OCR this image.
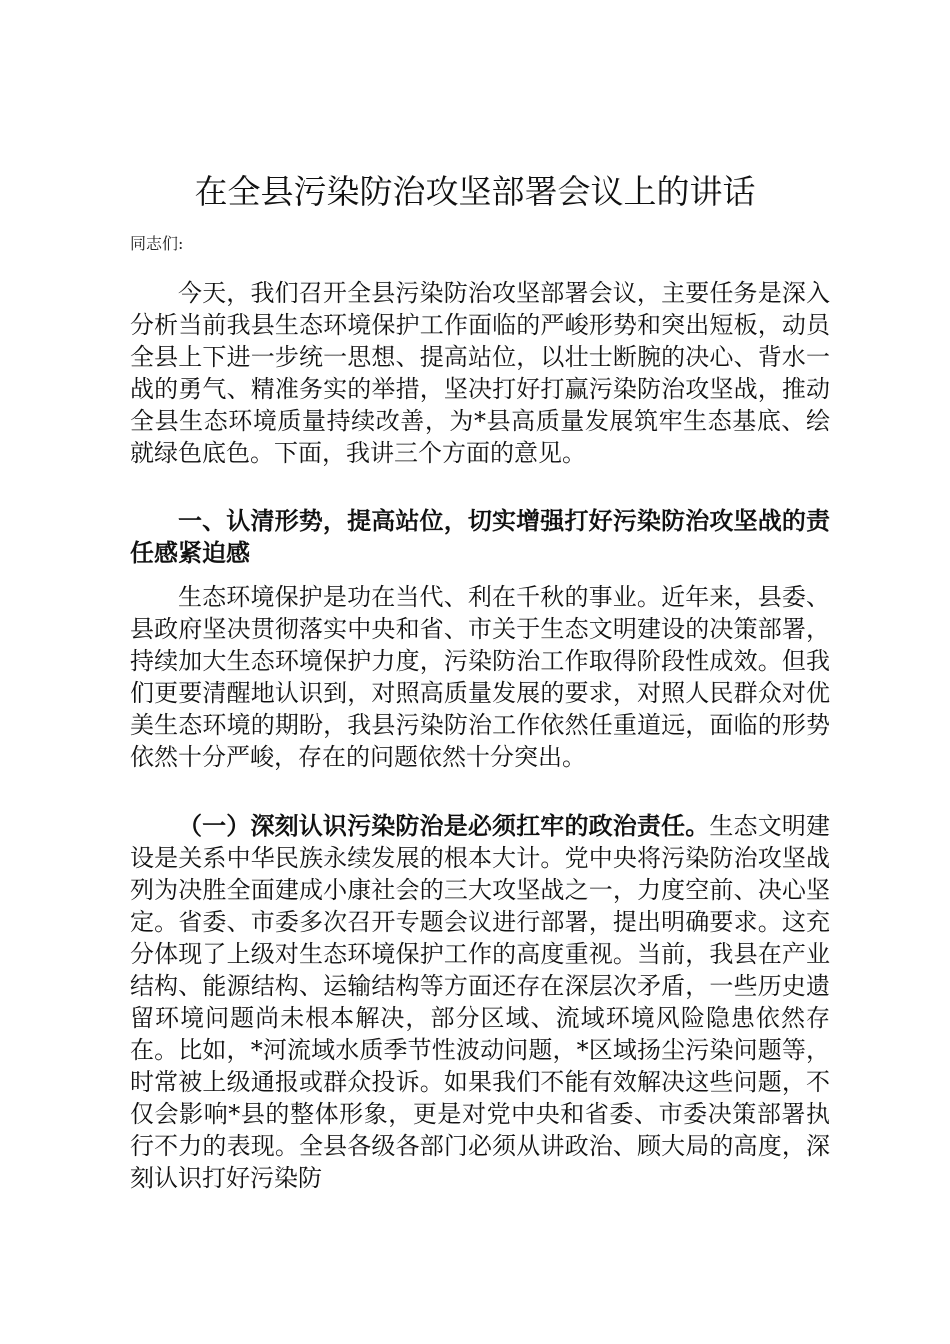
在全县污染防治攻坚部署会议上的讲话

同志们:

今天，我们召开全县污染防治攻坚部署会议，主要任务是深入分析当前我县生态环境保护工作面临的严峻形势和突出短板，动员全县上下进一步统一思想、提高站位，以壮士断腕的决心、背水一战的勇气、精准务实的举措，坚决打好打赢污染防治攻坚战，推动全县生态环境质量持续改善，为*县高质量发展筑牢生态基底、绘就绿色底色。下面，我讲三个方面的意见。

一、认清形势，提高站位，切实增强打好污染防治攻坚战的责任感紧迫感

生态环境保护是功在当代、利在千秋的事业。近年来，县委、县政府坚决贯彻落实中央和省、市关于生态文明建设的决策部署，持续加大生态环境保护力度，污染防治工作取得阶段性成效。但我们更要清醒地认识到，对照高质量发展的要求，对照人民群众对优美生态环境的期盼，我县污染防治工作依然任重道远，面临的形势依然十分严峻，存在的问题依然十分突出。

（一）深刻认识污染防治是必须扛牢的政治责任。生态文明建设是关系中华民族永续发展的根本大计。党中央将污染防治攻坚战列为决胜全面建成小康社会的三大攻坚战之一，力度空前、决心坚定。省委、市委多次召开专题会议进行部署，提出明确要求。这充分体现了上级对生态环境保护工作的高度重视。当前，我县在产业结构、能源结构、运输结构等方面还存在深层次矛盾，一些历史遗留环境问题尚未根本解决，部分区域、流域环境风险隐患依然存在。比如，*河流域水质季节性波动问题，*区域扬尘污染问题等，时常被上级通报或群众投诉。如果我们不能有效解决这些问题，不仅会影响*县的整体形象，更是对党中央和省委、市委决策部署执行不力的表现。全县各级各部门必须从讲政治、顾大局的高度，深刻认识打好污染防
